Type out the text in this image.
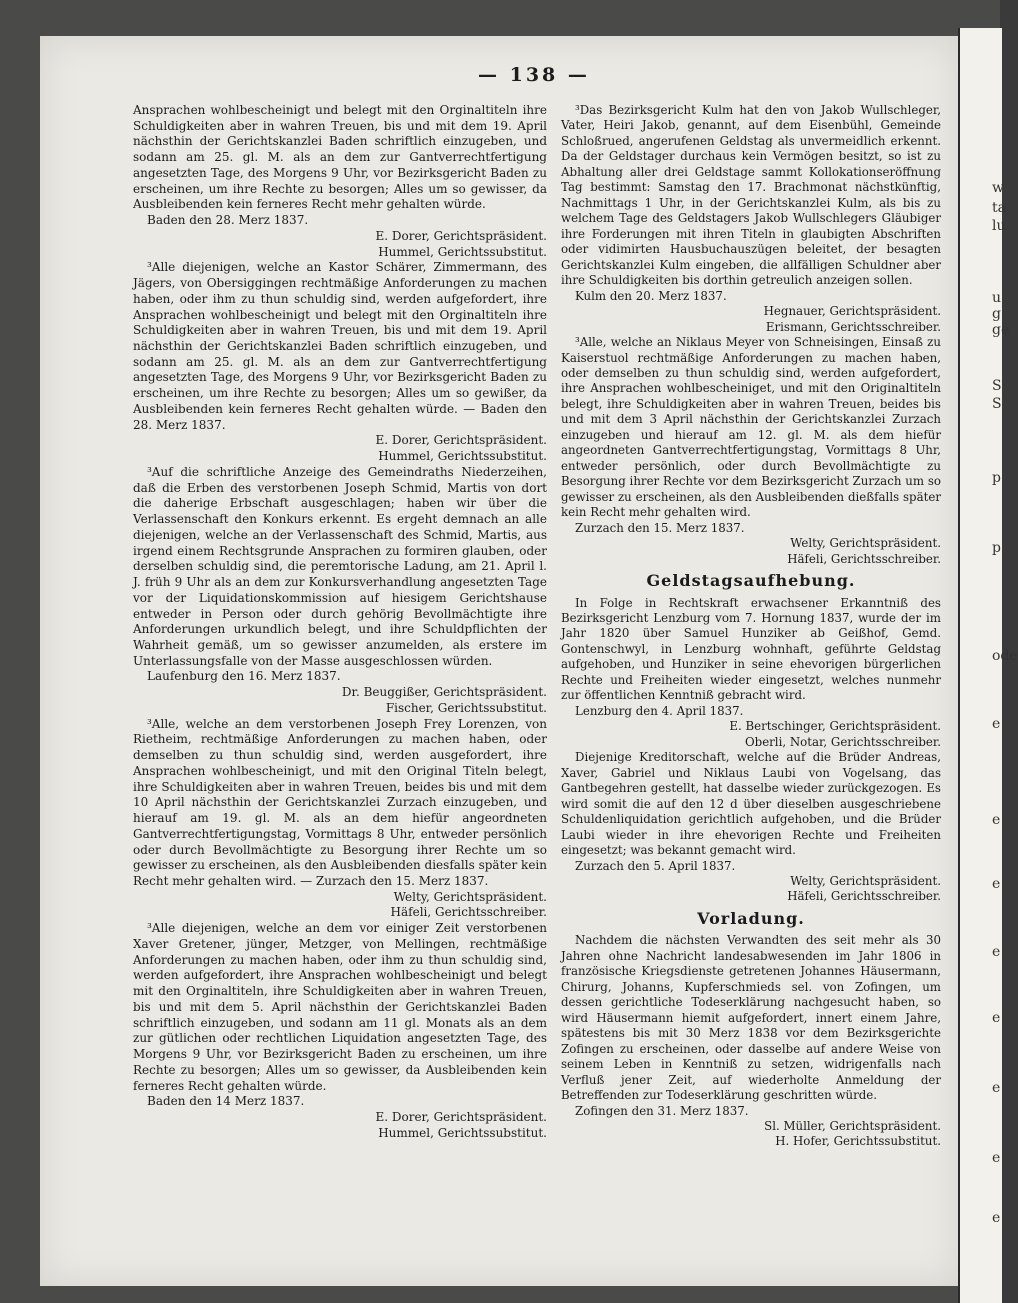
w
ta
lu
u
g
ge
S
S
p
p
ode
e
e
e
e
e
e
e
e
— 138 —

Ansprachen wohlbescheinigt und belegt mit den Orginaltiteln ihre Schuldigkeiten aber in wahren Treuen, bis und mit dem 19. April nächsthin der Gerichtskanzlei Baden schriftlich einzugeben, und sodann am 25. gl. M. als an dem zur Gantverrechtfertigung angesetzten Tage, des Morgens 9 Uhr, vor Bezirksgericht Baden zu erscheinen, um ihre Rechte zu besorgen; Alles um so gewisser, da Ausbleibenden kein ferneres Recht mehr gehalten würde.

Baden den 28. Merz 1837.

E. Dorer, Gerichtspräsident.

Hummel, Gerichtssubstitut.

³Alle diejenigen, welche an Kastor Schärer, Zimmermann, des Jägers, von Obersiggingen rechtmäßige Anforderungen zu machen haben, oder ihm zu thun schuldig sind, werden aufgefordert, ihre Ansprachen wohlbescheinigt und belegt mit den Orginaltiteln ihre Schuldigkeiten aber in wahren Treuen, bis und mit dem 19. April nächsthin der Gerichtskanzlei Baden schriftlich einzugeben, und sodann am 25. gl. M. als an dem zur Gantverrechtfertigung angesetzten Tage, des Morgens 9 Uhr, vor Bezirksgericht Baden zu erscheinen, um ihre Rechte zu besorgen; Alles um so gewißer, da Ausbleibenden kein ferneres Recht gehalten würde. — Baden den 28. Merz 1837.

E. Dorer, Gerichtspräsident.

Hummel, Gerichtssubstitut.

³Auf die schriftliche Anzeige des Gemeindraths Niederzeihen, daß die Erben des verstorbenen Joseph Schmid, Martis von dort die daherige Erbschaft ausgeschlagen; haben wir über die Verlassenschaft den Konkurs erkennt. Es ergeht demnach an alle diejenigen, welche an der Verlassenschaft des Schmid, Martis, aus irgend einem Rechtsgrunde Ansprachen zu formiren glauben, oder derselben schuldig sind, die peremtorische Ladung, am 21. April l. J. früh 9 Uhr als an dem zur Konkursverhandlung angesetzten Tage vor der Liquidationskommission auf hiesigem Gerichtshause entweder in Person oder durch gehörig Bevollmächtigte ihre Anforderungen urkundlich belegt, und ihre Schuldpflichten der Wahrheit gemäß, um so gewisser anzumelden, als erstere im Unterlassungsfalle von der Masse ausgeschlossen würden.

Laufenburg den 16. Merz 1837.

Dr. Beuggißer, Gerichtspräsident.

Fischer, Gerichtssubstitut.

³Alle, welche an dem verstorbenen Joseph Frey Lorenzen, von Rietheim, rechtmäßige Anforderungen zu machen haben, oder demselben zu thun schuldig sind, werden ausgefordert, ihre Ansprachen wohlbescheinigt, und mit den Original Titeln belegt, ihre Schuldigkeiten aber in wahren Treuen, beides bis und mit dem 10 April nächsthin der Gerichtskanzlei Zurzach einzugeben, und hierauf am 19. gl. M. als an dem hiefür angeordneten Gantverrechtfertigungstag, Vormittags 8 Uhr, entweder persönlich oder durch Bevollmächtigte zu Besorgung ihrer Rechte um so gewisser zu erscheinen, als den Ausbleibenden diesfalls später kein Recht mehr gehalten wird. — Zurzach den 15. Merz 1837.

Welty, Gerichtspräsident.

Häfeli, Gerichtsschreiber.

³Alle diejenigen, welche an dem vor einiger Zeit verstorbenen Xaver Gretener, jünger, Metzger, von Mellingen, rechtmäßige Anforderungen zu machen haben, oder ihm zu thun schuldig sind, werden aufgefordert, ihre Ansprachen wohlbescheinigt und belegt mit den Orginaltiteln, ihre Schuldigkeiten aber in wahren Treuen, bis und mit dem 5. April nächsthin der Gerichtskanzlei Baden schriftlich einzugeben, und sodann am 11 gl. Monats als an dem zur gütlichen oder rechtlichen Liquidation angesetzten Tage, des Morgens 9 Uhr, vor Bezirksgericht Baden zu erscheinen, um ihre Rechte zu besorgen; Alles um so gewisser, da Ausbleibenden kein ferneres Recht gehalten würde.

Baden den 14 Merz 1837.

E. Dorer, Gerichtspräsident.

Hummel, Gerichtssubstitut.

³Das Bezirksgericht Kulm hat den von Jakob Wullschleger, Vater, Heiri Jakob, genannt, auf dem Eisenbühl, Gemeinde Schloßrued, angerufenen Geldstag als unvermeidlich erkennt. Da der Geldstager durchaus kein Vermögen besitzt, so ist zu Abhaltung aller drei Geldstage sammt Kollokationseröffnung Tag bestimmt: Samstag den 17. Brachmonat nächstkünftig, Nachmittags 1 Uhr, in der Gerichtskanzlei Kulm, als bis zu welchem Tage des Geldstagers Jakob Wullschlegers Gläubiger ihre Forderungen mit ihren Titeln in glaubigten Abschriften oder vidimirten Hausbuchauszügen beleitet, der besagten Gerichtskanzlei Kulm eingeben, die allfälligen Schuldner aber ihre Schuldigkeiten bis dorthin getreulich anzeigen sollen.

Kulm den 20. Merz 1837.

Hegnauer, Gerichtspräsident.

Erismann, Gerichtsschreiber.

³Alle, welche an Niklaus Meyer von Schneisingen, Einsaß zu Kaiserstuol rechtmäßige Anforderungen zu machen haben, oder demselben zu thun schuldig sind, werden aufgefordert, ihre Ansprachen wohlbescheiniget, und mit den Originaltiteln belegt, ihre Schuldigkeiten aber in wahren Treuen, beides bis und mit dem 3 April nächsthin der Gerichtskanzlei Zurzach einzugeben und hierauf am 12. gl. M. als dem hiefür angeordneten Gantverrechtfertigungstag, Vormittags 8 Uhr, entweder persönlich, oder durch Bevollmächtigte zu Besorgung ihrer Rechte vor dem Bezirksgericht Zurzach um so gewisser zu erscheinen, als den Ausbleibenden dießfalls später kein Recht mehr gehalten wird.

Zurzach den 15. Merz 1837.

Welty, Gerichtspräsident.

Häfeli, Gerichtsschreiber.

Geldstagsaufhebung.

In Folge in Rechtskraft erwachsener Erkanntniß des Bezirksgericht Lenzburg vom 7. Hornung 1837, wurde der im Jahr 1820 über Samuel Hunziker ab Geißhof, Gemd. Gontenschwyl, in Lenzburg wohnhaft, geführte Geldstag aufgehoben, und Hunziker in seine ehevorigen bürgerlichen Rechte und Freiheiten wieder eingesetzt, welches nunmehr zur öffentlichen Kenntniß gebracht wird.

Lenzburg den 4. April 1837.

E. Bertschinger, Gerichtspräsident.

Oberli, Notar, Gerichtsschreiber.

Diejenige Kreditorschaft, welche auf die Brüder Andreas, Xaver, Gabriel und Niklaus Laubi von Vogelsang, das Gantbegehren gestellt, hat dasselbe wieder zurückgezogen. Es wird somit die auf den 12 d über dieselben ausgeschriebene Schuldenliquidation gerichtlich aufgehoben, und die Brüder Laubi wieder in ihre ehevorigen Rechte und Freiheiten eingesetzt; was bekannt gemacht wird.

Zurzach den 5. April 1837.

Welty, Gerichtspräsident.

Häfeli, Gerichtsschreiber.

Vorladung.

Nachdem die nächsten Verwandten des seit mehr als 30 Jahren ohne Nachricht landesabwesenden im Jahr 1806 in französische Kriegsdienste getretenen Johannes Häusermann, Chirurg, Johanns, Kupferschmieds sel. von Zofingen, um dessen gerichtliche Todeserklärung nachgesucht haben, so wird Häusermann hiemit aufgefordert, innert einem Jahre, spätestens bis mit 30 Merz 1838 vor dem Bezirksgerichte Zofingen zu erscheinen, oder dasselbe auf andere Weise von seinem Leben in Kenntniß zu setzen, widrigenfalls nach Verfluß jener Zeit, auf wiederholte Anmeldung der Betreffenden zur Todeserklärung geschritten würde.

Zofingen den 31. Merz 1837.

Sl. Müller, Gerichtspräsident.

H. Hofer, Gerichtssubstitut.
